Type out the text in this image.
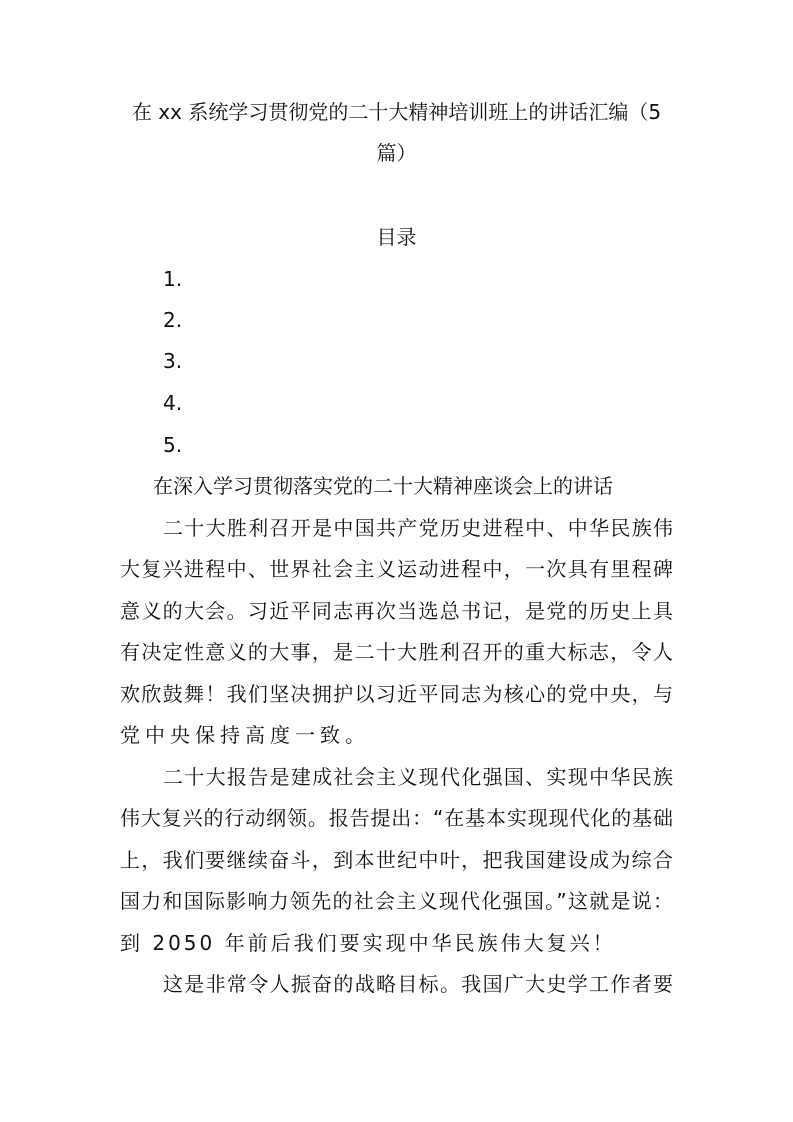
在 xx 系统学习贯彻党的二十大精神培训班上的讲话汇编（5
篇）
目录
1.
2.
3.
4.
5.
在深入学习贯彻落实党的二十大精神座谈会上的讲话
二十大胜利召开是中国共产党历史进程中、中华民族伟
大复兴进程中、世界社会主义运动进程中，一次具有里程碑
意义的大会。习近平同志再次当选总书记，是党的历史上具
有决定性意义的大事，是二十大胜利召开的重大标志，令人
欢欣鼓舞！我们坚决拥护以习近平同志为核心的党中央，与
党中央保持高度一致。
二十大报告是建成社会主义现代化强国、实现中华民族
伟大复兴的行动纲领。报告提出：“在基本实现现代化的基础
上，我们要继续奋斗，到本世纪中叶，把我国建设成为综合
国力和国际影响力领先的社会主义现代化强国。”这就是说：
到 2050 年前后我们要实现中华民族伟大复兴！
这是非常令人振奋的战略目标。我国广大史学工作者要
